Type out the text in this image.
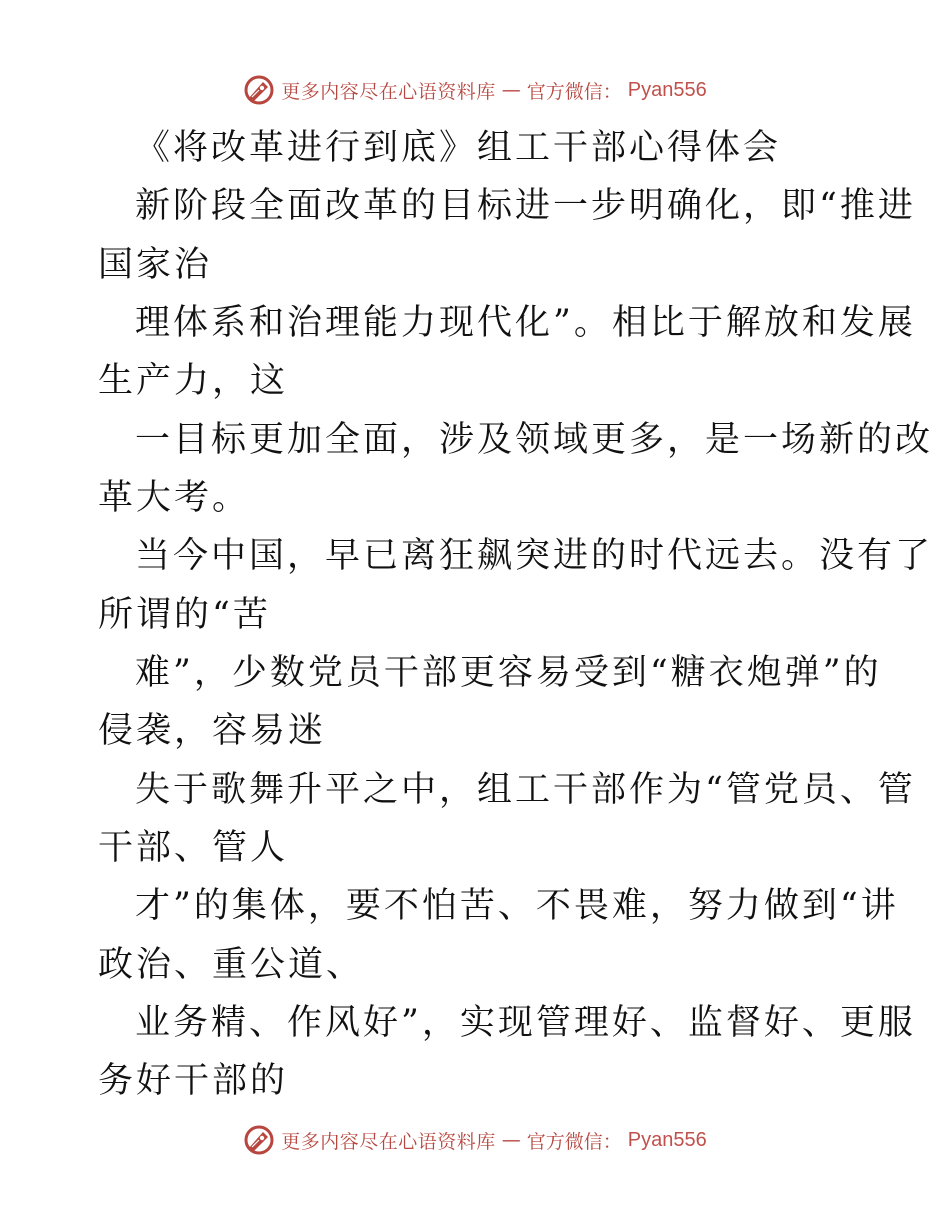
更多内容尽在心语资料库 — 官方微信： Pyan556
《将改革进行到底》组工干部心得体会
新阶段全面改革的目标进一步明确化，即“推进
国家治
理体系和治理能力现代化”。相比于解放和发展
生产力，这
一目标更加全面，涉及领域更多，是一场新的改
革大考。
当今中国，早已离狂飙突进的时代远去。没有了
所谓的“苦
难”，少数党员干部更容易受到“糖衣炮弹”的
侵袭，容易迷
失于歌舞升平之中，组工干部作为“管党员、管
干部、管人
才”的集体，要不怕苦、不畏难，努力做到“讲
政治、重公道、
业务精、作风好”，实现管理好、监督好、更服
务好干部的
更多内容尽在心语资料库 — 官方微信： Pyan556
